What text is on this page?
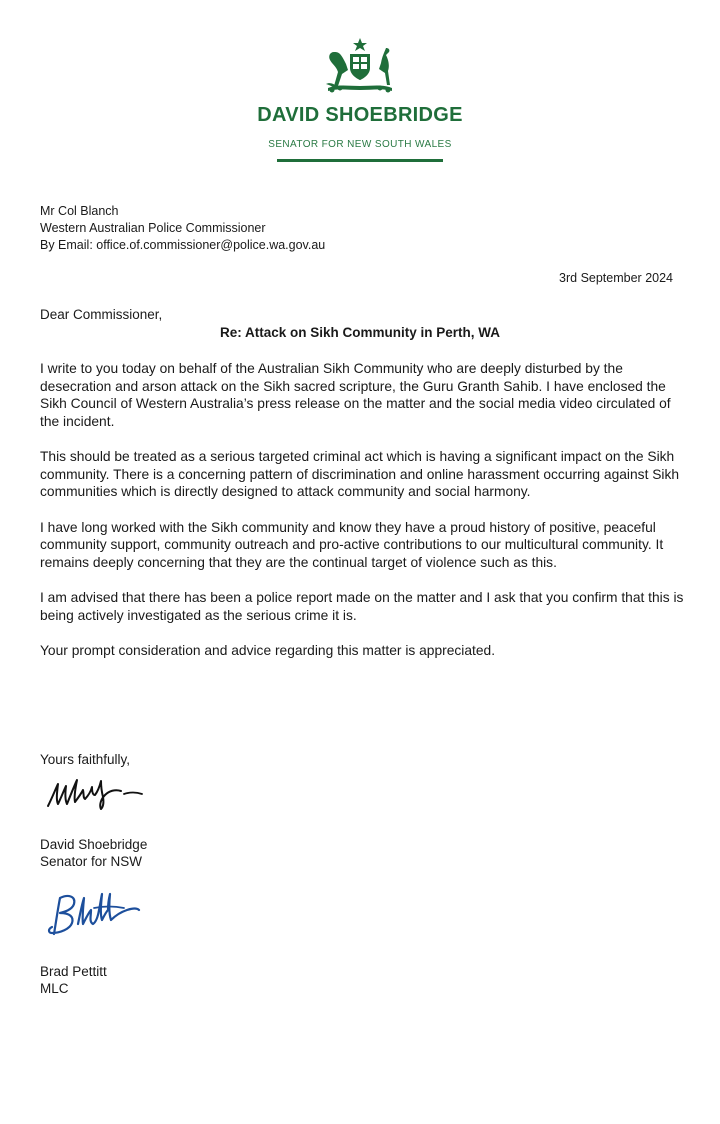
DAVID SHOEBRIDGE
SENATOR FOR NEW SOUTH WALES
Mr Col Blanch
Western Australian Police Commissioner
By Email: office.of.commissioner@police.wa.gov.au
3rd September 2024
Dear Commissioner,
Re: Attack on Sikh Community in Perth, WA

I write to you today on behalf of the Australian Sikh Community who are deeply disturbed by the desecration and arson attack on the Sikh sacred scripture, the Guru Granth Sahib. I have enclosed the Sikh Council of Western Australia’s press release on the matter and the social media video circulated of the incident.

This should be treated as a serious targeted criminal act which is having a significant impact on the Sikh community. There is a concerning pattern of discrimination and online harassment occurring against Sikh communities which is directly designed to attack community and social harmony.

I have long worked with the Sikh community and know they have a proud history of positive, peaceful community support, community outreach and pro-active contributions to our multicultural community. It remains deeply concerning that they are the continual target of violence such as this.

I am advised that there has been a police report made on the matter and I ask that you confirm that this is being actively investigated as the serious crime it is.

Your prompt consideration and advice regarding this matter is appreciated.

Yours faithfully,
David Shoebridge
Senator for NSW
Brad Pettitt
MLC
